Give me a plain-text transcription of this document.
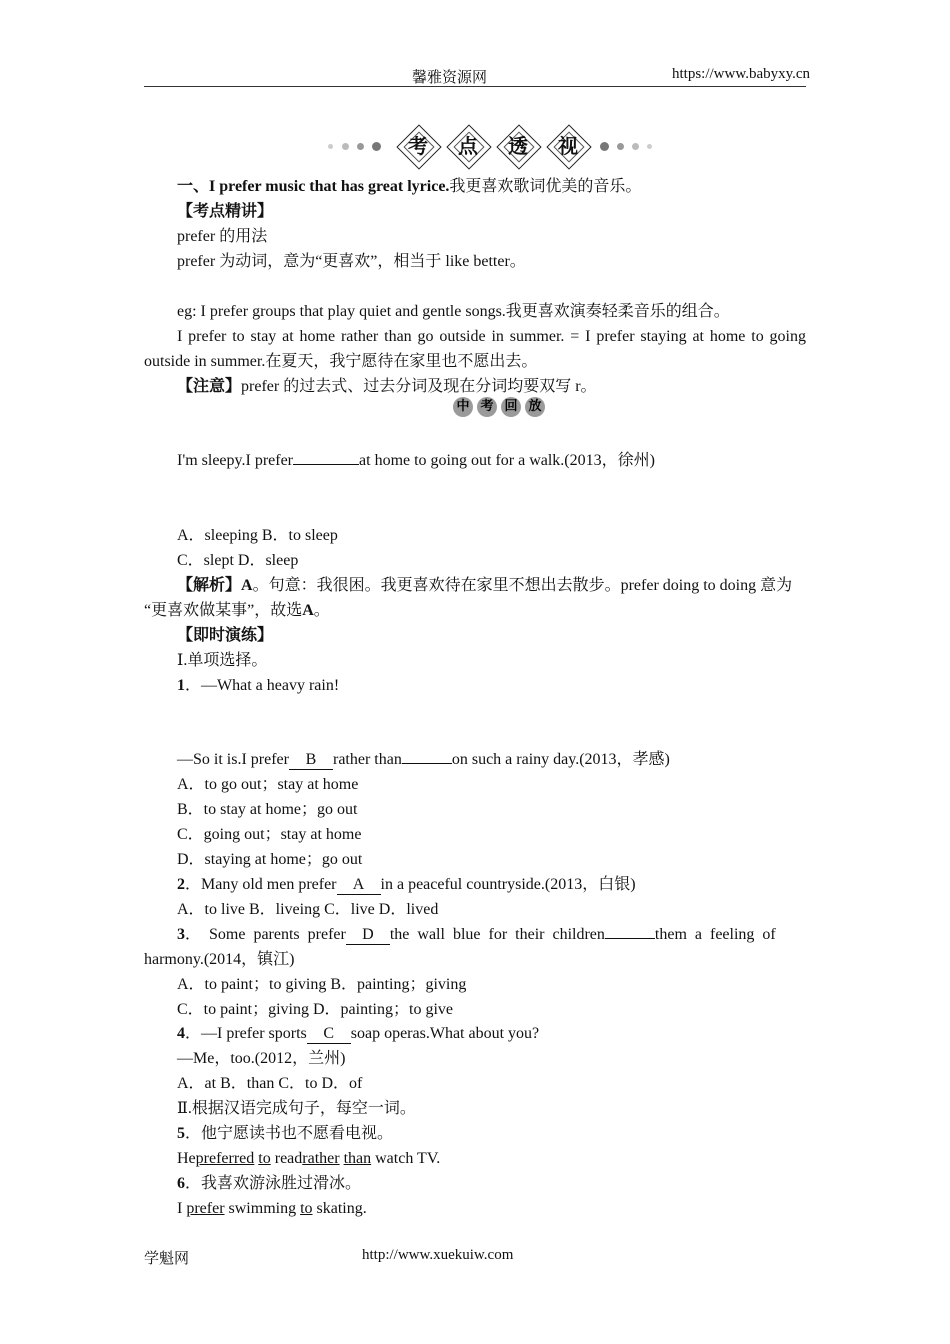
馨雅资源网	https://www.babyxy.cn
考	点	透	视
一、I prefer music that has great lyrice.我更喜欢歌词优美的音乐。
【考点精讲】
prefer 的用法
prefer 为动词，意为“更喜欢”，相当于 like better。
eg: I prefer groups that play quiet and gentle songs.我更喜欢演奏轻柔音乐的组合。
I prefer to stay at home rather than go outside in summer. = I prefer staying at home to going
outside in summer.在夏天，我宁愿待在家里也不愿出去。
【注意】prefer 的过去式、过去分词及现在分词均要双写 r。
中 考 回 放
I'm sleepy.I prefer	at home to going out for a walk.(2013，徐州)
A．sleeping B．to sleep
C．slept D．sleep
【解析】A。句意：我很困。我更喜欢待在家里不想出去散步。prefer doing to doing 意为
“更喜欢做某事”，故选A。
【即时演练】
Ⅰ.单项选择。
1．—What a heavy rain!
—So it is.I prefer B rather than	on such a rainy day.(2013，孝感)
A．to go out；stay at home
B．to stay at home；go out
C．going out；stay at home
D．staying at home；go out
2．Many old men prefer A in a peaceful countryside.(2013，白银)
A．to live B．liveing C．live D．lived
3．  Some  parents  prefer D the  wall  blue  for  their  children	them  a  feeling  of
harmony.(2014，镇江)
A．to paint；to giving B．painting；giving
C．to paint；giving D．painting；to give
4．—I prefer sports C soap operas.What about you?
—Me，too.(2012，兰州)
A．at B．than C．to D．of
Ⅱ.根据汉语完成句子，每空一词。
5．他宁愿读书也不愿看电视。
Hepreferred to readrather than watch TV.
6．我喜欢游泳胜过滑冰。
I prefer swimming to skating.
学魁网	http://www.xuekuiw.com
